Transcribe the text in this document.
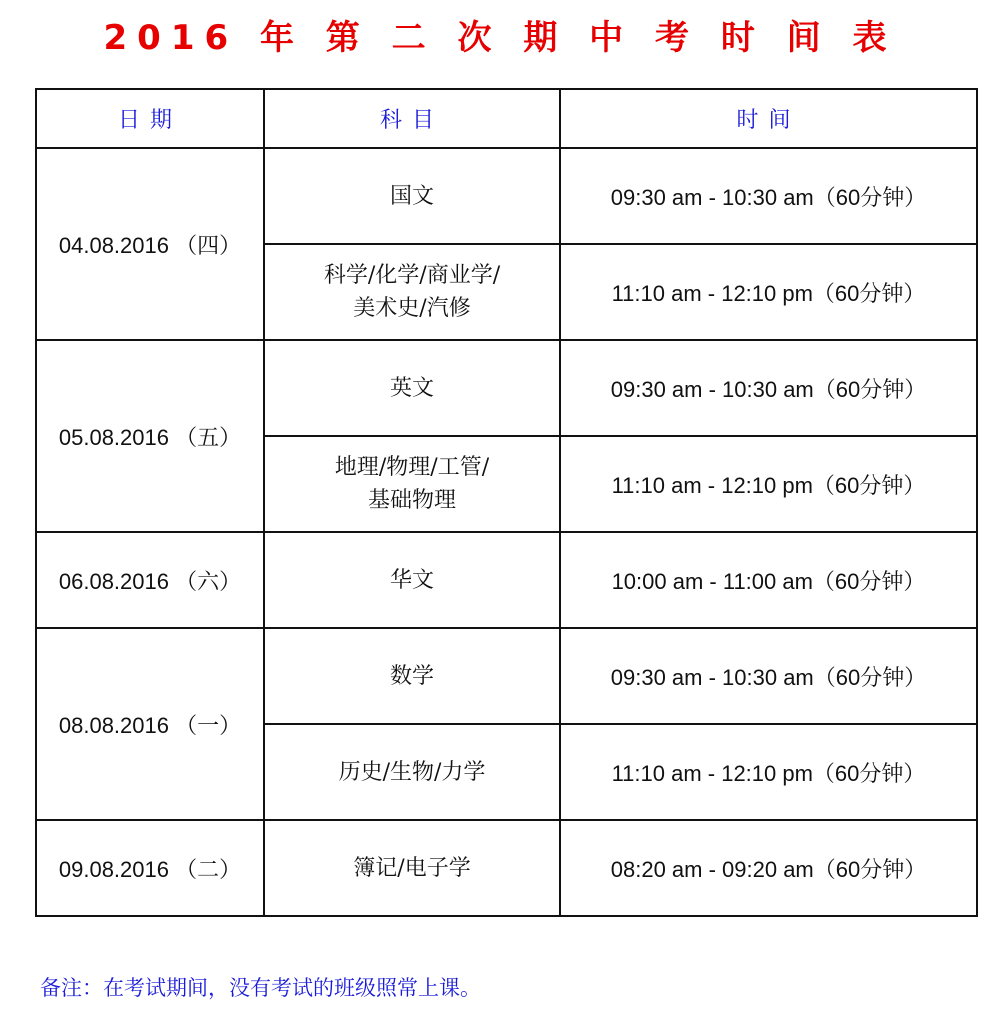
2016 年 第 二 次 期 中 考 时 间 表
日期	科目	时间
04.08.2016 （四）	国文	09:30 am - 10:30 am（60分钟）

	科学/化学/商业学/
美术史/汽修	11:10 am - 12:10 pm（60分钟）
05.08.2016 （五）	英文	09:30 am - 10:30 am（60分钟）

	地理/物理/工管/
基础物理	11:10 am - 12:10 pm（60分钟）
06.08.2016 （六）	华文	10:00 am - 11:00 am（60分钟）
08.08.2016 （一）	数学	09:30 am - 10:30 am（60分钟）
	历史/生物/力学	11:10 am - 12:10 pm（60分钟）
09.08.2016 （二）	簿记/电子学	08:20 am - 09:20 am（60分钟）
备注：在考试期间，没有考试的班级照常上课。
